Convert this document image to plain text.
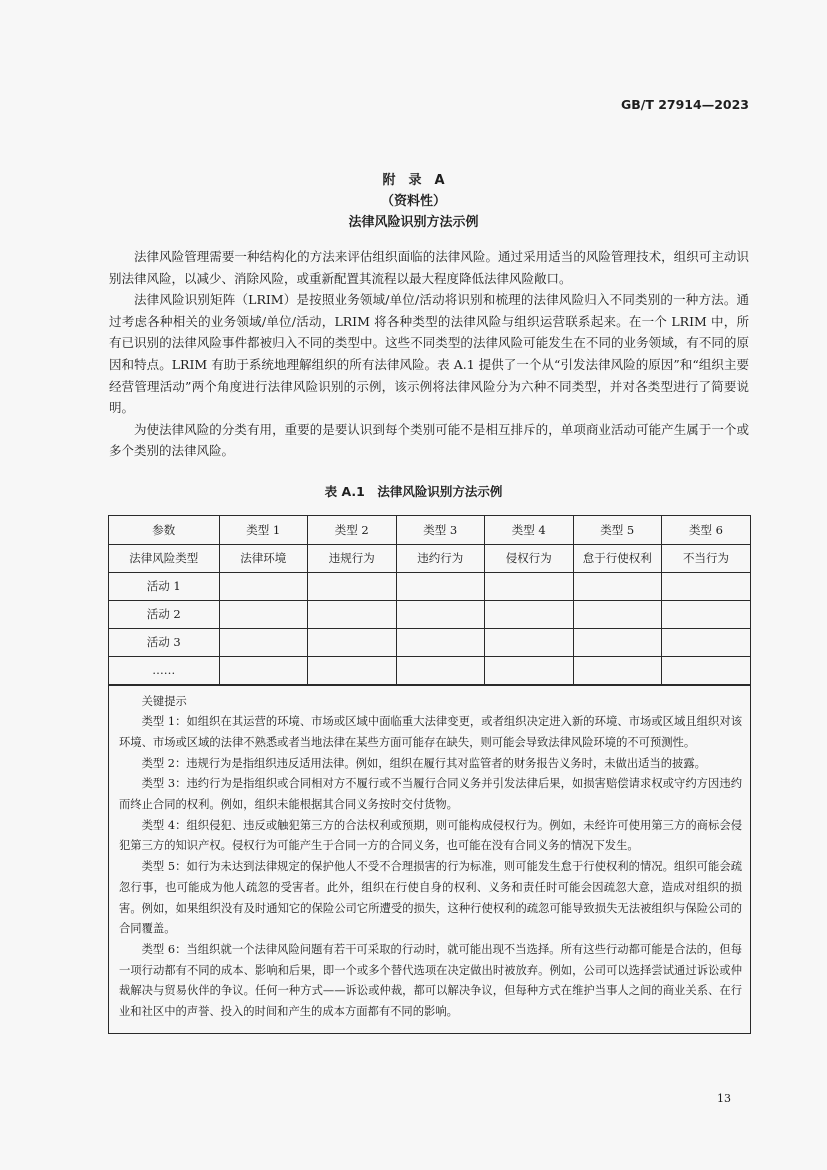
GB/T 27914—2023
附　录　A
（资料性）
法律风险识别方法示例

法律风险管理需要一种结构化的方法来评估组织面临的法律风险。通过采用适当的风险管理技术，组织可主动识别法律风险，以减少、消除风险，或重新配置其流程以最大程度降低法律风险敞口。

法律风险识别矩阵（LRIM）是按照业务领域/单位/活动将识别和梳理的法律风险归入不同类别的一种方法。通过考虑各种相关的业务领域/单位/活动，LRIM 将各种类型的法律风险与组织运营联系起来。在一个 LRIM 中，所有已识别的法律风险事件都被归入不同的类型中。这些不同类型的法律风险可能发生在不同的业务领域，有不同的原因和特点。LRIM 有助于系统地理解组织的所有法律风险。表 A.1 提供了一个从“引发法律风险的原因”和“组织主要经营管理活动”两个角度进行法律风险识别的示例，该示例将法律风险分为六种不同类型，并对各类型进行了简要说明。

为使法律风险的分类有用，重要的是要认识到每个类别可能不是相互排斥的，单项商业活动可能产生属于一个或多个类别的法律风险。

表 A.1　法律风险识别方法示例
参数	类型 1	类型 2	类型 3	类型 4	类型 5	类型 6
法律风险类型	法律环境	违规行为	违约行为	侵权行为	怠于行使权利	不当行为
活动 1						
活动 2						
活动 3						
……						
关键提示

类型 1：如组织在其运营的环境、市场或区域中面临重大法律变更，或者组织决定进入新的环境、市场或区域且组织对该环境、市场或区域的法律不熟悉或者当地法律在某些方面可能存在缺失，则可能会导致法律风险环境的不可预测性。

类型 2：违规行为是指组织违反适用法律。例如，组织在履行其对监管者的财务报告义务时，未做出适当的披露。

类型 3：违约行为是指组织或合同相对方不履行或不当履行合同义务并引发法律后果，如损害赔偿请求权或守约方因违约而终止合同的权利。例如，组织未能根据其合同义务按时交付货物。

类型 4：组织侵犯、违反或触犯第三方的合法权利或预期，则可能构成侵权行为。例如，未经许可使用第三方的商标会侵犯第三方的知识产权。侵权行为可能产生于合同一方的合同义务，也可能在没有合同义务的情况下发生。

类型 5：如行为未达到法律规定的保护他人不受不合理损害的行为标准，则可能发生怠于行使权利的情况。组织可能会疏忽行事，也可能成为他人疏忽的受害者。此外，组织在行使自身的权利、义务和责任时可能会因疏忽大意，造成对组织的损害。例如，如果组织没有及时通知它的保险公司它所遭受的损失，这种行使权利的疏忽可能导致损失无法被组织与保险公司的合同覆盖。

类型 6：当组织就一个法律风险问题有若干可采取的行动时，就可能出现不当选择。所有这些行动都可能是合法的，但每一项行动都有不同的成本、影响和后果，即一个或多个替代选项在决定做出时被放弃。例如，公司可以选择尝试通过诉讼或仲裁解决与贸易伙伴的争议。任何一种方式——诉讼或仲裁，都可以解决争议，但每种方式在维护当事人之间的商业关系、在行业和社区中的声誉、投入的时间和产生的成本方面都有不同的影响。

13
